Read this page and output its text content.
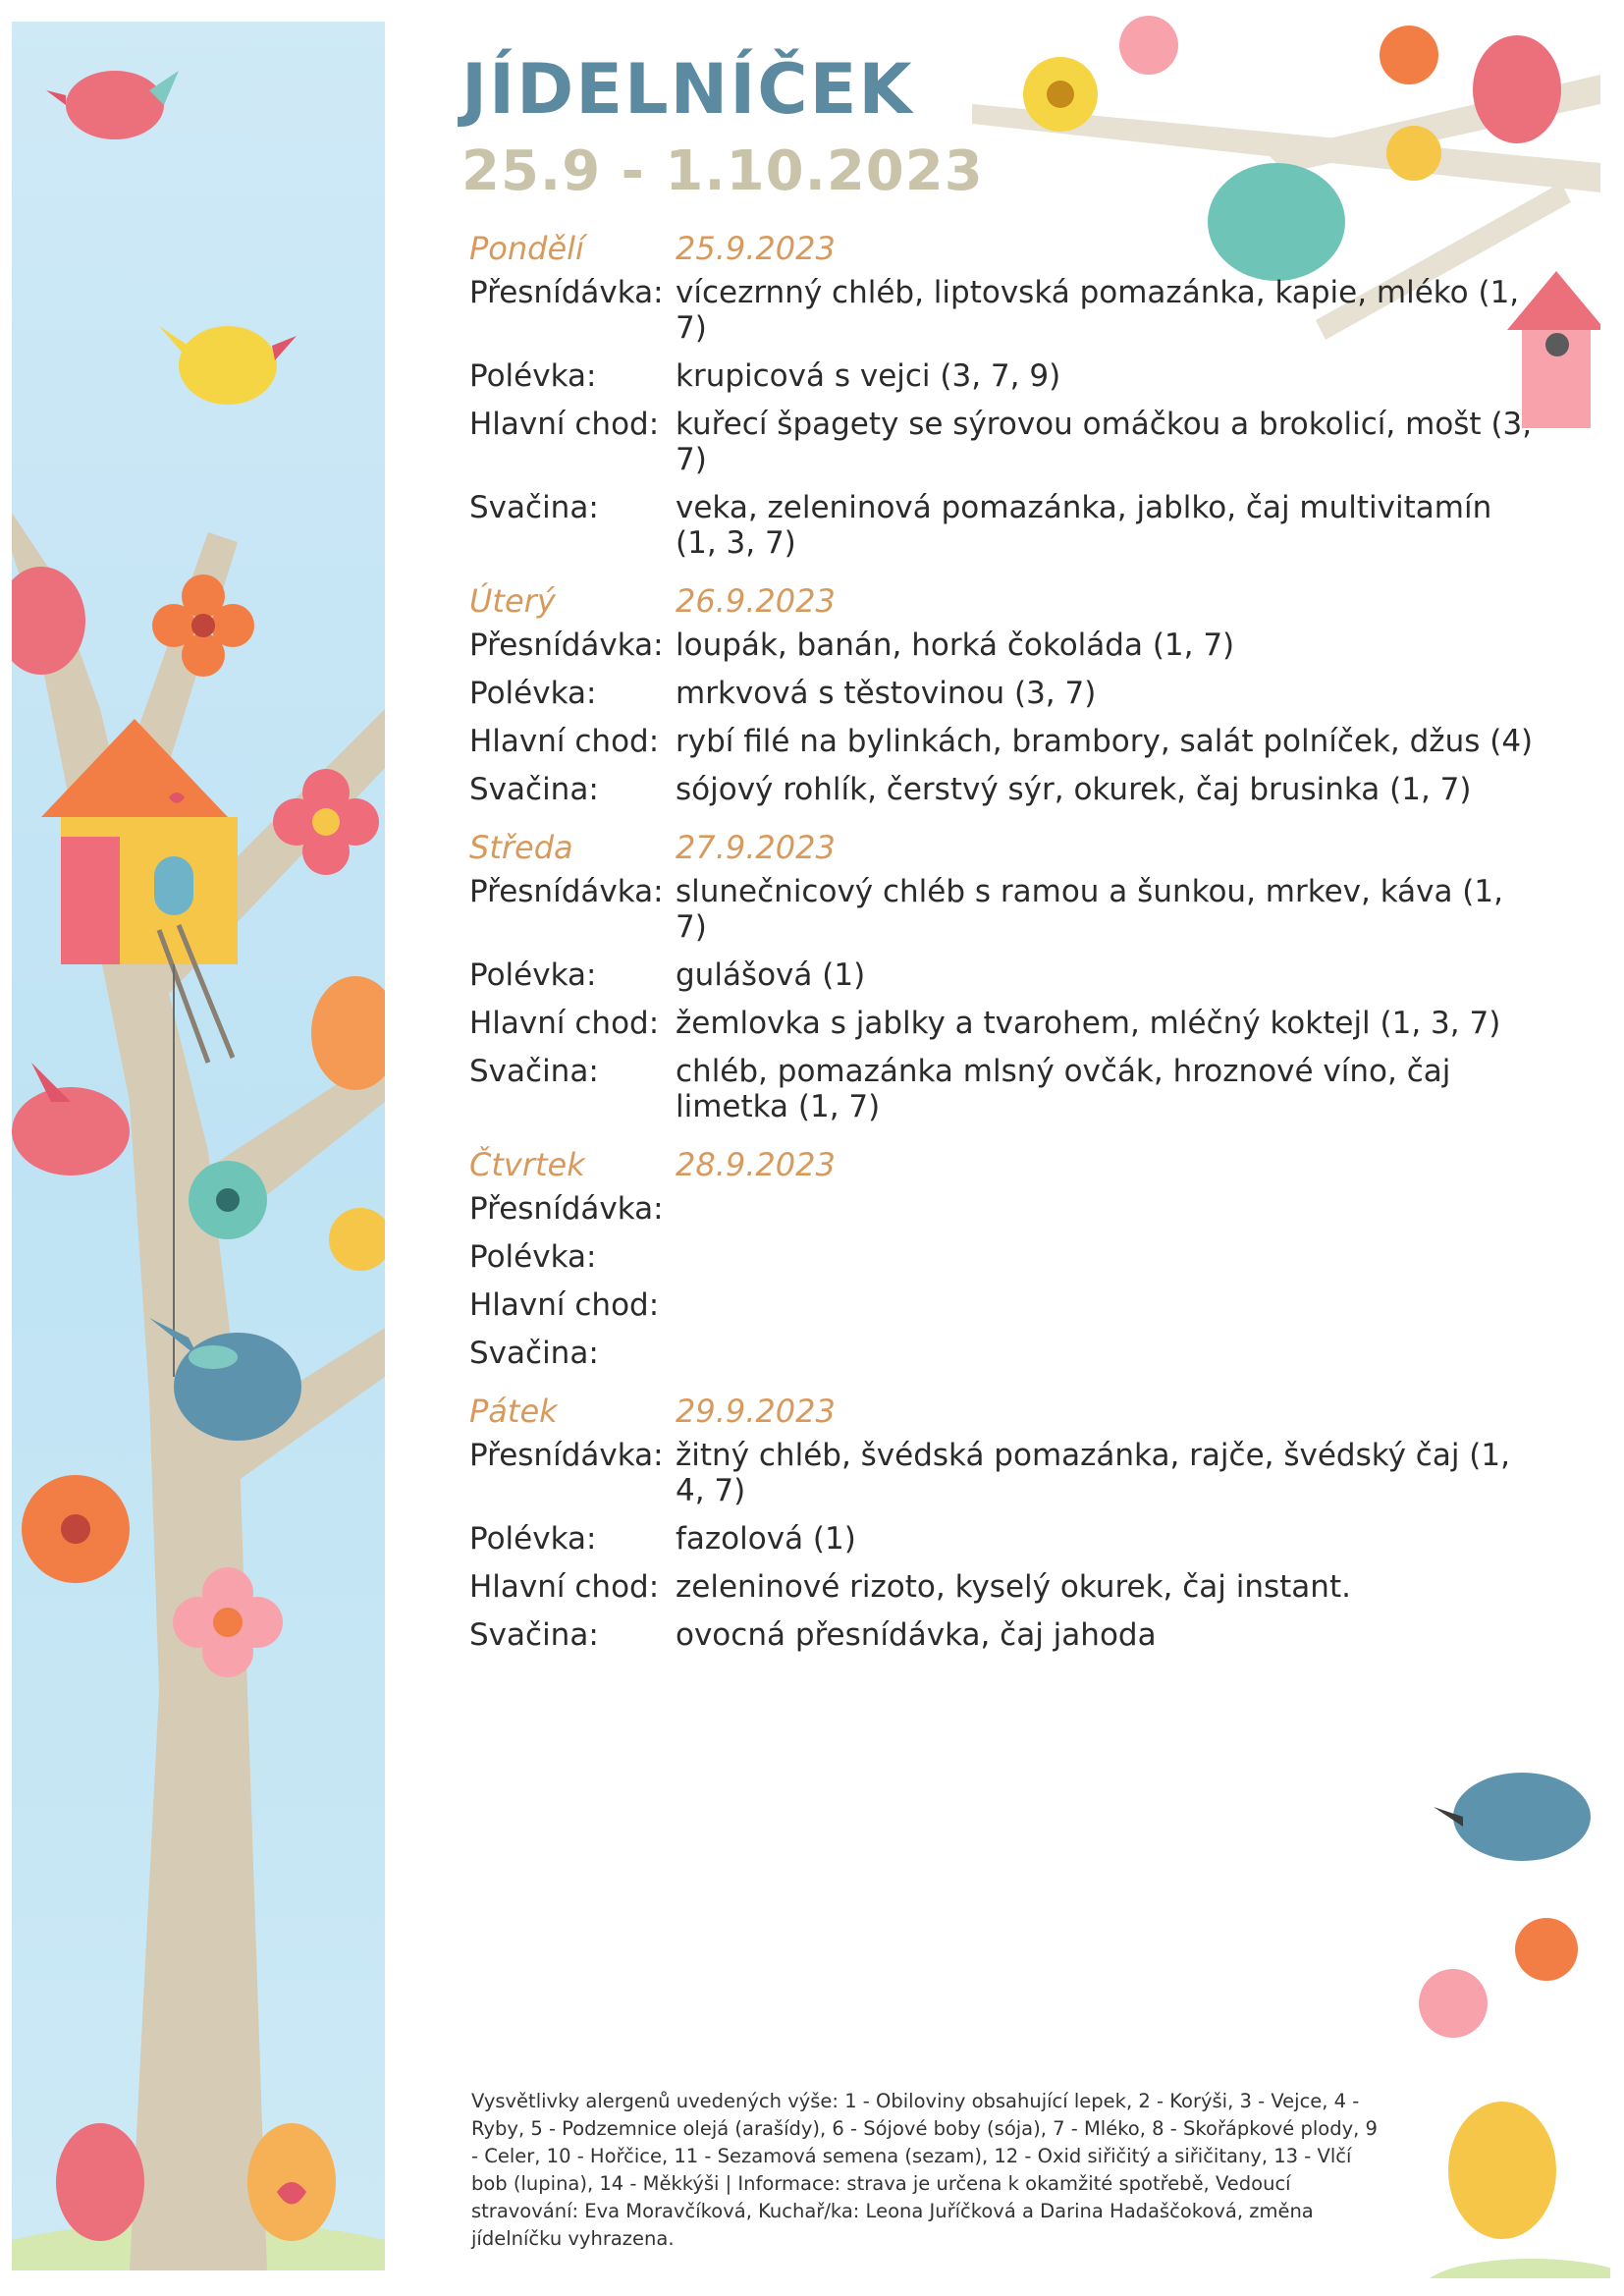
JÍDELNÍČEK
25.9 - 1.10.2023
Pondělí	25.9.2023
Přesnídávka: vícezrnný chléb, liptovská pomazánka, kapie, mléko (1, 7)
Polévka:	krupicová s vejci (3, 7, 9)
Hlavní chod: kuřecí špagety se sýrovou omáčkou a brokolicí, mošt (3, 7)
Svačina:	veka, zeleninová pomazánka, jablko, čaj multivitamín (1, 3, 7)
Úterý	26.9.2023
Přesnídávka: loupák, banán, horká čokoláda (1, 7)
Polévka:	mrkvová s těstovinou (3, 7)
Hlavní chod: rybí filé na bylinkách, brambory, salát polníček, džus (4)
Svačina:	sójový rohlík, čerstvý sýr, okurek, čaj brusinka (1, 7)
Středa	27.9.2023
Přesnídávka: slunečnicový chléb s ramou a šunkou, mrkev, káva (1, 7)
Polévka:	gulášová (1)
Hlavní chod: žemlovka s jablky a tvarohem, mléčný koktejl (1, 3, 7)
Svačina:	chléb, pomazánka mlsný ovčák, hroznové víno, čaj limetka (1, 7)
Čtvrtek	28.9.2023
Přesnídávka:
Polévka:
Hlavní chod:
Svačina:
Pátek	29.9.2023
Přesnídávka: žitný chléb, švédská pomazánka, rajče, švédský čaj (1, 4, 7)
Polévka:	fazolová (1)
Hlavní chod: zeleninové rizoto, kyselý okurek, čaj instant.
Svačina:	ovocná přesnídávka, čaj jahoda
Vysvětlivky alergenů uvedených výše: 1 - Obiloviny obsahující lepek, 2 - Korýši, 3 - Vejce, 4 - Ryby, 5 - Podzemnice olejá (arašídy), 6 - Sójové boby (sója), 7 - Mléko, 8 - Skořápkové plody, 9 - Celer, 10 - Hořčice, 11 - Sezamová semena (sezam), 12 - Oxid siřičitý a siřičitany, 13 - Vlčí bob (lupina), 14 - Měkkýši | Informace: strava je určena k okamžité spotřebě, Vedoucí stravování: Eva Moravčíková, Kuchař/ka: Leona Juříčková a Darina Hadaščoková, změna jídelníčku vyhrazena.
